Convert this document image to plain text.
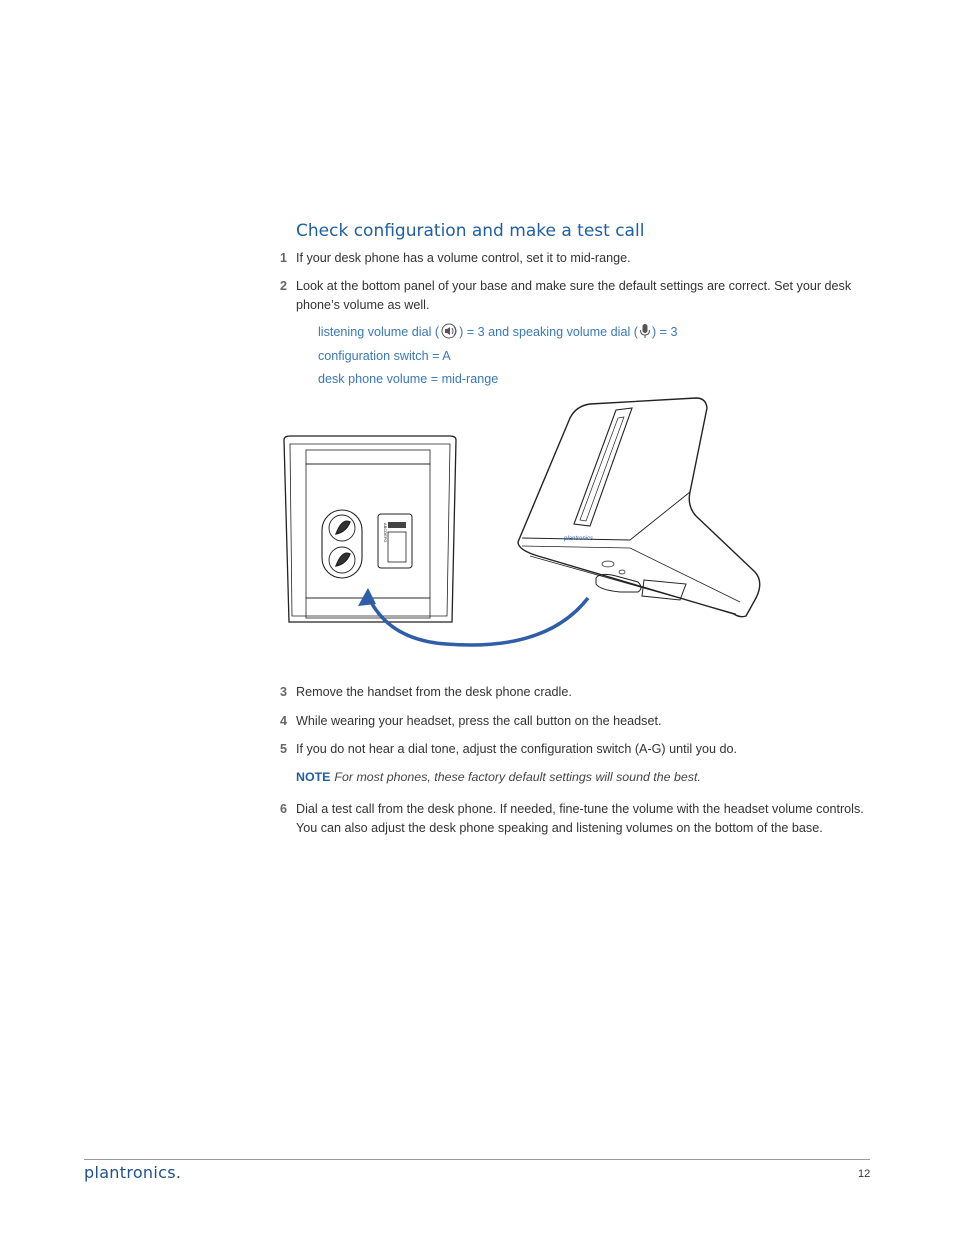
Check configuration and make a test call
1 If your desk phone has a volume control, set it to mid-range.
2 Look at the bottom panel of your base and make sure the default settings are correct. Set your desk phone’s volume as well.
listening volume dial ( ) = 3 and speaking volume dial ( ) = 3
configuration switch = A
desk phone volume = mid-range
ABCDEFG	plantronics
3 Remove the handset from the desk phone cradle.
4 While wearing your headset, press the call button on the headset.
5 If you do not hear a dial tone, adjust the configuration switch (A-G) until you do.
NOTE For most phones, these factory default settings will sound the best.
6 Dial a test call from the desk phone. If needed, fine-tune the volume with the headset volume controls. You can also adjust the desk phone speaking and listening volumes on the bottom of the base.
plantronics.	12
